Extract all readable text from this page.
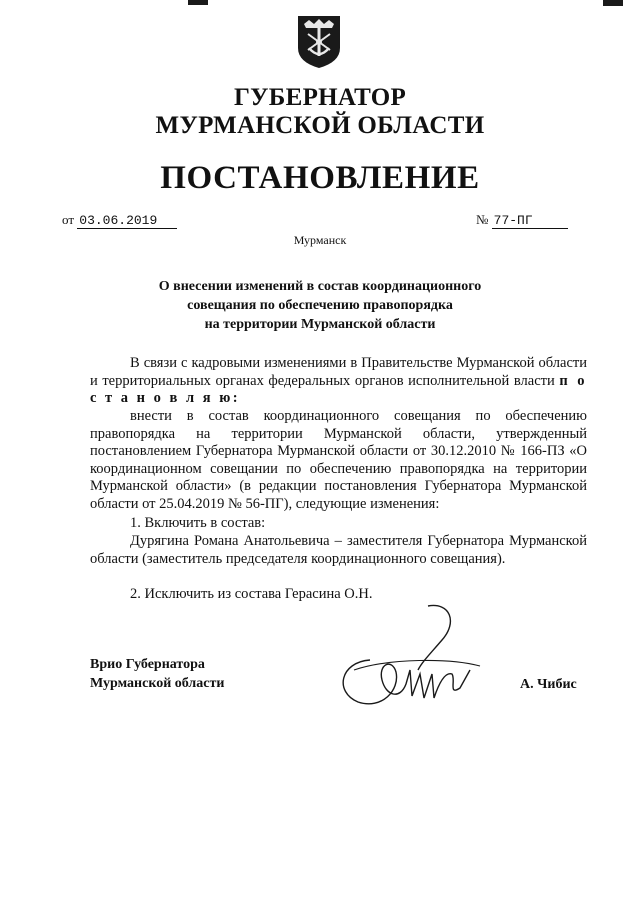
ГУБЕРНАТОР
МУРМАНСКОЙ ОБЛАСТИ
ПОСТАНОВЛЕНИЕ
от 03.06.2019	№ 77-ПГ
Мурманск
О внесении изменений в состав координационного
совещания по обеспечению правопорядка
на территории Мурманской области
В связи с кадровыми изменениями в Правительстве Мурманской области и территориальных органах федеральных органов исполнительной власти п о с т а н о в л я ю:
внести в состав координационного совещания по обеспечению правопорядка на территории Мурманской области, утвержденный постановлением Губернатора Мурманской области от 30.12.2010 № 166-ПЗ «О координационном совещании по обеспечению правопорядка на территории Мурманской области» (в редакции постановления Губернатора Мурманской области от 25.04.2019 № 56-ПГ), следующие изменения:
1. Включить в состав:
Дурягина Романа Анатольевича – заместителя Губернатора Мурманской области (заместитель председателя координационного совещания).
2. Исключить из состава Герасина О.Н.
Врио Губернатора
Мурманской области	А. Чибис
